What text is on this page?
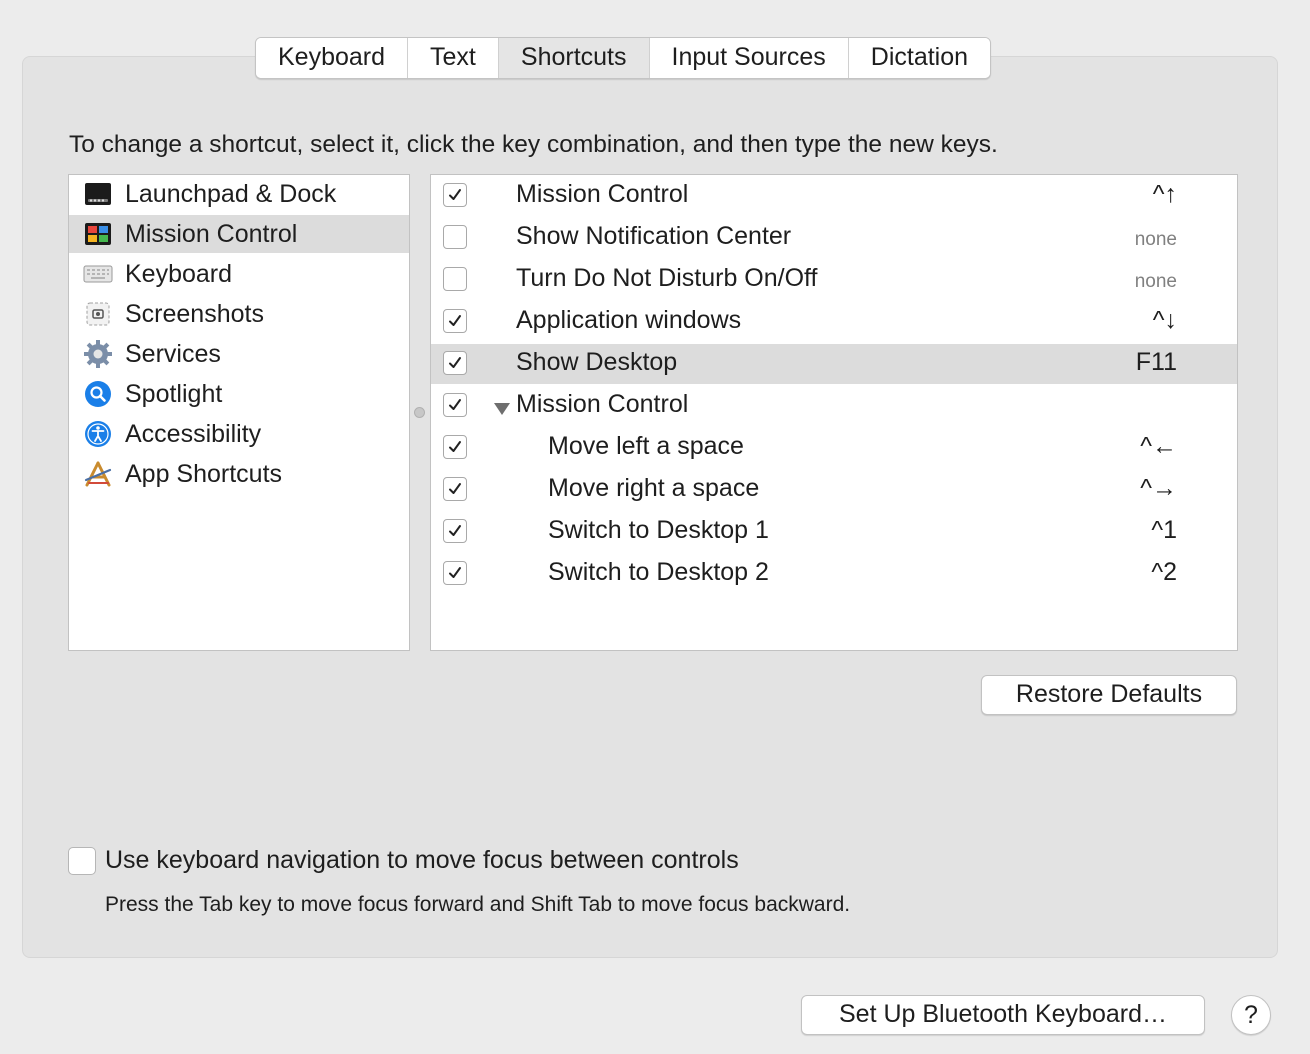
Keyboard	Text	Shortcuts	Input Sources	Dictation
To change a shortcut, select it, click the key combination, and then type the new keys.
Launchpad & Dock
Mission Control
Keyboard
Screenshots
Services
Spotlight
Accessibility
App Shortcuts
Mission Control	^↑
Show Notification Center	none
Turn Do Not Disturb On/Off	none
Application windows	^↓
Show Desktop	F11
Mission Control
Move left a space	^←
Move right a space	^→
Switch to Desktop 1	^1
Switch to Desktop 2	^2
Restore Defaults
Use keyboard navigation to move focus between controls
Press the Tab key to move focus forward and Shift Tab to move focus backward.
Set Up Bluetooth Keyboard…	?
